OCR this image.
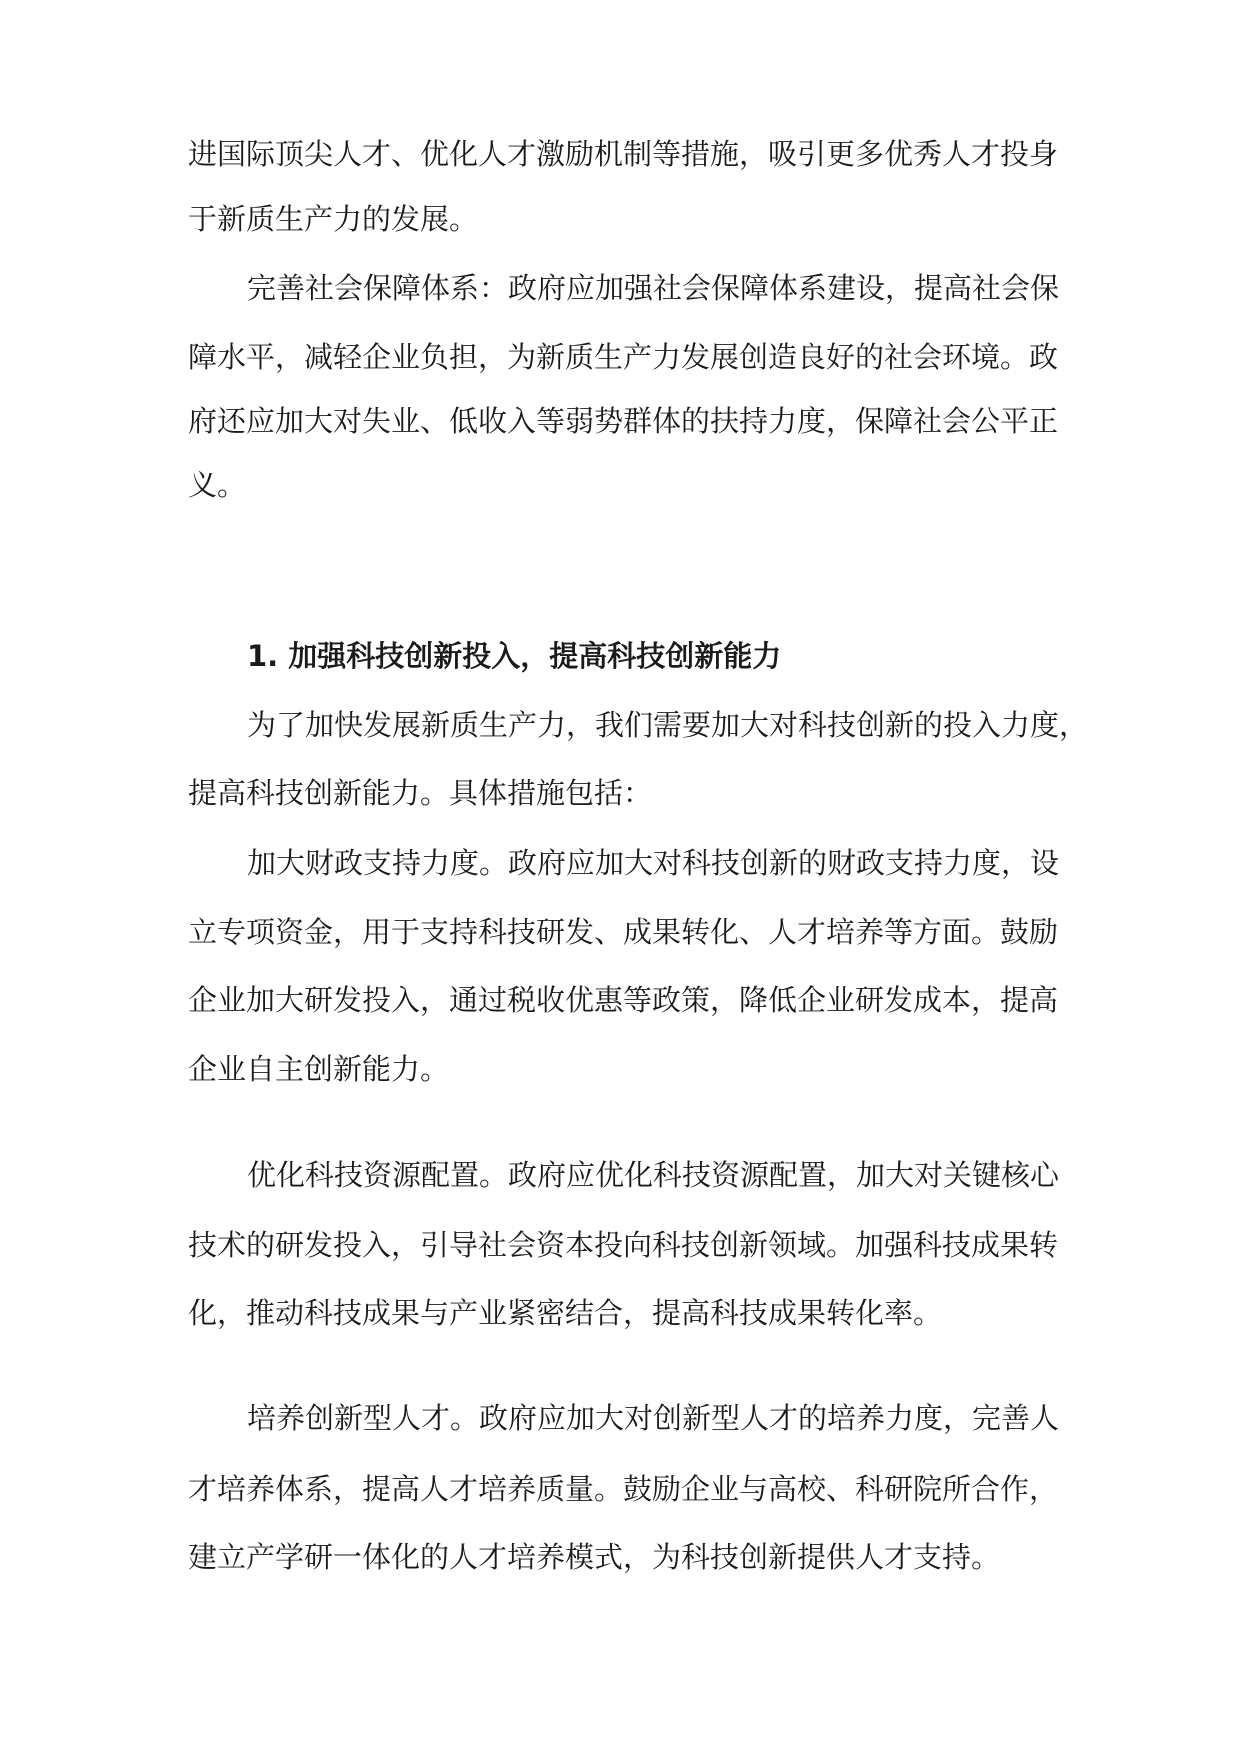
进国际顶尖人才、优化人才激励机制等措施，吸引更多优秀人才投身
于新质生产力的发展。
完善社会保障体系：政府应加强社会保障体系建设，提高社会保
障水平，减轻企业负担，为新质生产力发展创造良好的社会环境。政
府还应加大对失业、低收入等弱势群体的扶持力度，保障社会公平正
义。
1. 加强科技创新投入，提高科技创新能力
为了加快发展新质生产力，我们需要加大对科技创新的投入力度，
提高科技创新能力。具体措施包括：
加大财政支持力度。政府应加大对科技创新的财政支持力度，设
立专项资金，用于支持科技研发、成果转化、人才培养等方面。鼓励
企业加大研发投入，通过税收优惠等政策，降低企业研发成本，提高
企业自主创新能力。
优化科技资源配置。政府应优化科技资源配置，加大对关键核心
技术的研发投入，引导社会资本投向科技创新领域。加强科技成果转
化，推动科技成果与产业紧密结合，提高科技成果转化率。
培养创新型人才。政府应加大对创新型人才的培养力度，完善人
才培养体系，提高人才培养质量。鼓励企业与高校、科研院所合作，
建立产学研一体化的人才培养模式，为科技创新提供人才支持。
